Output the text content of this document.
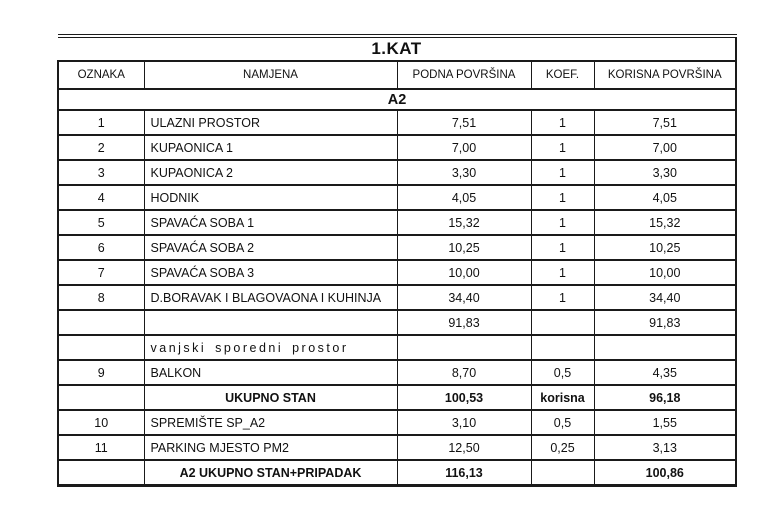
1.KAT				
OZNAKA	NAMJENA	PODNA POVRŠINA	KOEF.	KORISNA POVRŠINA
A2				
1	ULAZNI PROSTOR	7,51	1	7,51
2	KUPAONICA 1	7,00	1	7,00
3	KUPAONICA 2	3,30	1	3,30
4	HODNIK	4,05	1	4,05
5	SPAVAĆA SOBA 1	15,32	1	15,32
6	SPAVAĆA SOBA 2	10,25	1	10,25
7	SPAVAĆA SOBA 3	10,00	1	10,00
8	D.BORAVAK I BLAGOVAONA I KUHINJA	34,40	1	34,40
		91,83		91,83
	vanjski sporedni prostor			
9	BALKON	8,70	0,5	4,35
	UKUPNO STAN	100,53	korisna	96,18
10	SPREMIŠTE SP_A2	3,10	0,5	1,55
11	PARKING MJESTO PM2	12,50	0,25	3,13
	A2 UKUPNO STAN+PRIPADAK	116,13		100,86
